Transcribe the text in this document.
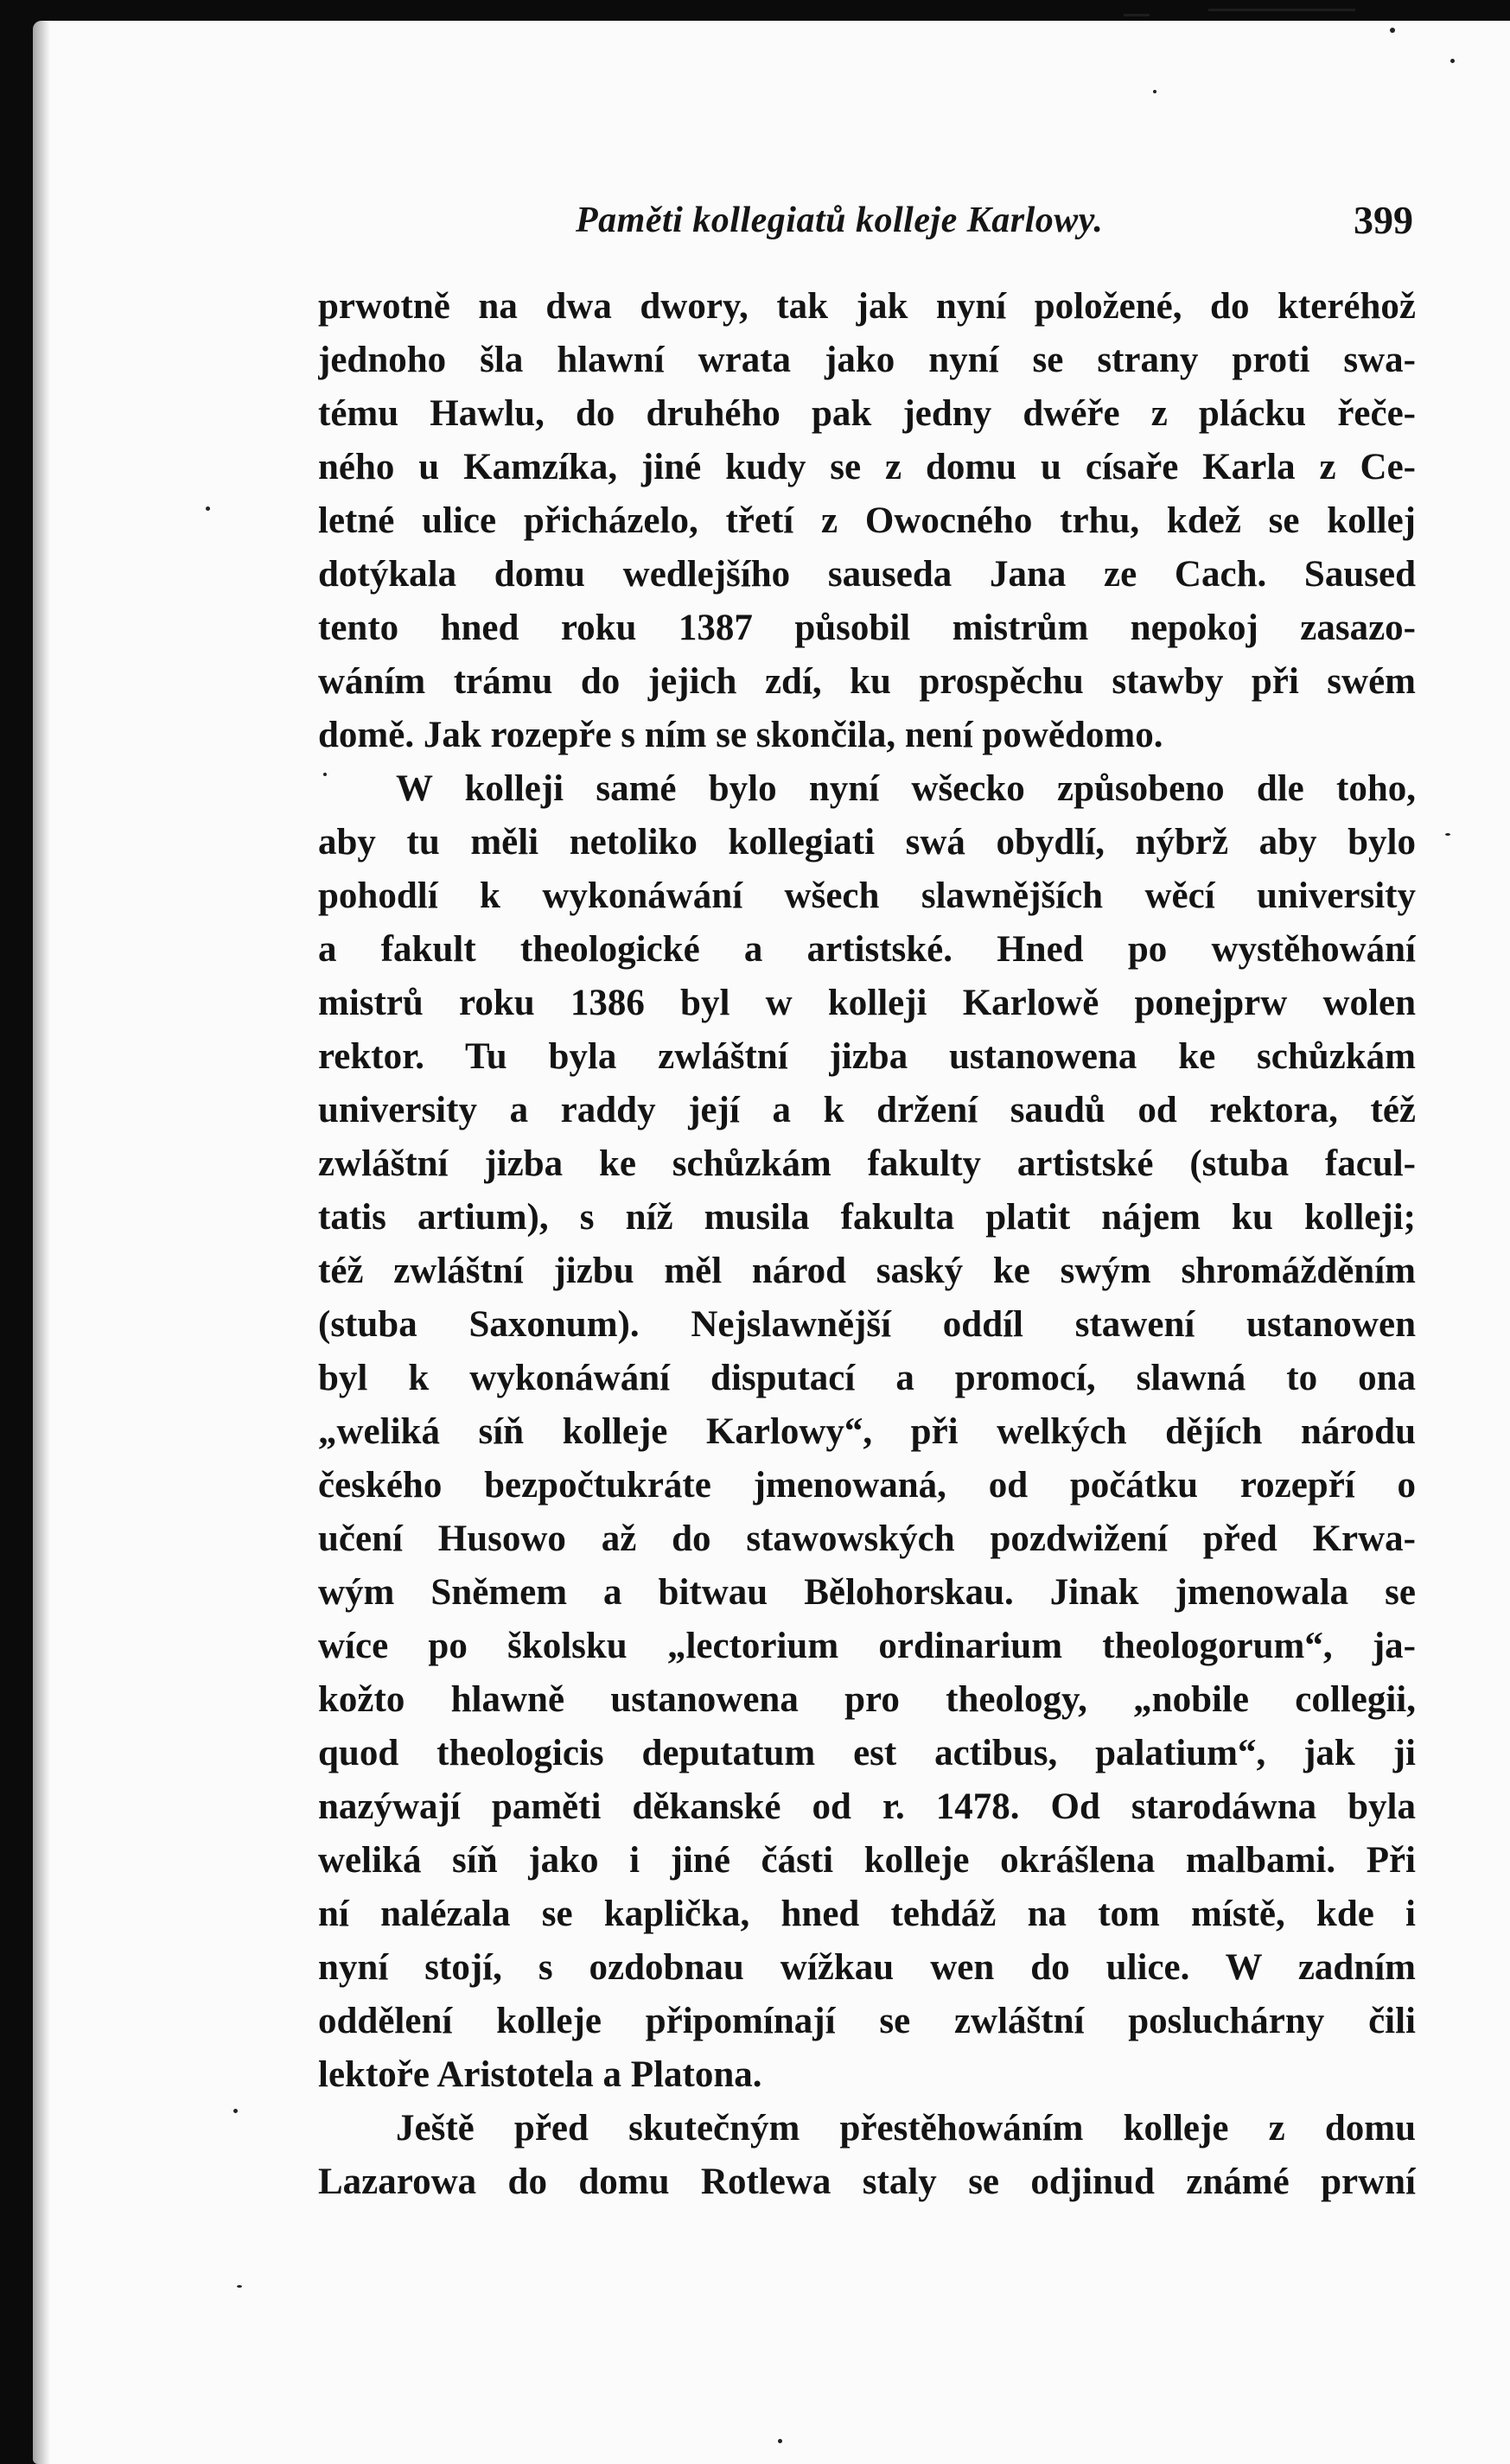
Paměti kollegiatů kolleje Karlowy.	399
prwotně na dwa dwory, tak jak nyní položené, do kteréhož
jednoho šla hlawní wrata jako nyní se strany proti swa-
tému Hawlu, do druhého pak jedny dwéře z plácku řeče-
ného u Kamzíka, jiné kudy se z domu u císaře Karla z Ce-
letné ulice přicházelo, třetí z Owocného trhu, kdež se kollej
dotýkala domu wedlejšího sauseda Jana ze Cach. Saused
tento hned roku 1387 působil mistrům nepokoj zasazo-
wáním trámu do jejich zdí, ku prospěchu stawby při swém
domě. Jak rozepře s ním se skončila, není powědomo.
W kolleji samé bylo nyní wšecko způsobeno dle toho,
aby tu měli netoliko kollegiati swá obydlí, nýbrž aby bylo
pohodlí k wykonáwání wšech slawnějších wěcí university
a fakult theologické a artistské. Hned po wystěhowání
mistrů roku 1386 byl w kolleji Karlowě ponejprw wolen
rektor. Tu byla zwláštní jizba ustanowena ke schůzkám
university a raddy její a k držení saudů od rektora, též
zwláštní jizba ke schůzkám fakulty artistské (stuba facul-
tatis artium), s níž musila fakulta platit nájem ku kolleji;
též zwláštní jizbu měl národ saský ke swým shromážděním
(stuba Saxonum). Nejslawnější oddíl stawení ustanowen
byl k wykonáwání disputací a promocí, slawná to ona
„weliká síň kolleje Karlowy“, při welkých dějích národu
českého bezpočtukráte jmenowaná, od počátku rozepří o
učení Husowo až do stawowských pozdwižení před Krwa-
wým Sněmem a bitwau Bělohorskau. Jinak jmenowala se
wíce po školsku „lectorium ordinarium theologorum“, ja-
kožto hlawně ustanowena pro theology, „nobile collegii,
quod theologicis deputatum est actibus, palatium“, jak ji
nazýwají paměti děkanské od r. 1478. Od starodáwna byla
weliká síň jako i jiné části kolleje okrášlena malbami. Při
ní nalézala se kaplička, hned tehdáž na tom místě, kde i
nyní stojí, s ozdobnau wížkau wen do ulice. W zadním
oddělení kolleje připomínají se zwláštní posluchárny čili
lektoře Aristotela a Platona.
Ještě před skutečným přestěhowáním kolleje z domu
Lazarowa do domu Rotlewa staly se odjinud známé prwní
